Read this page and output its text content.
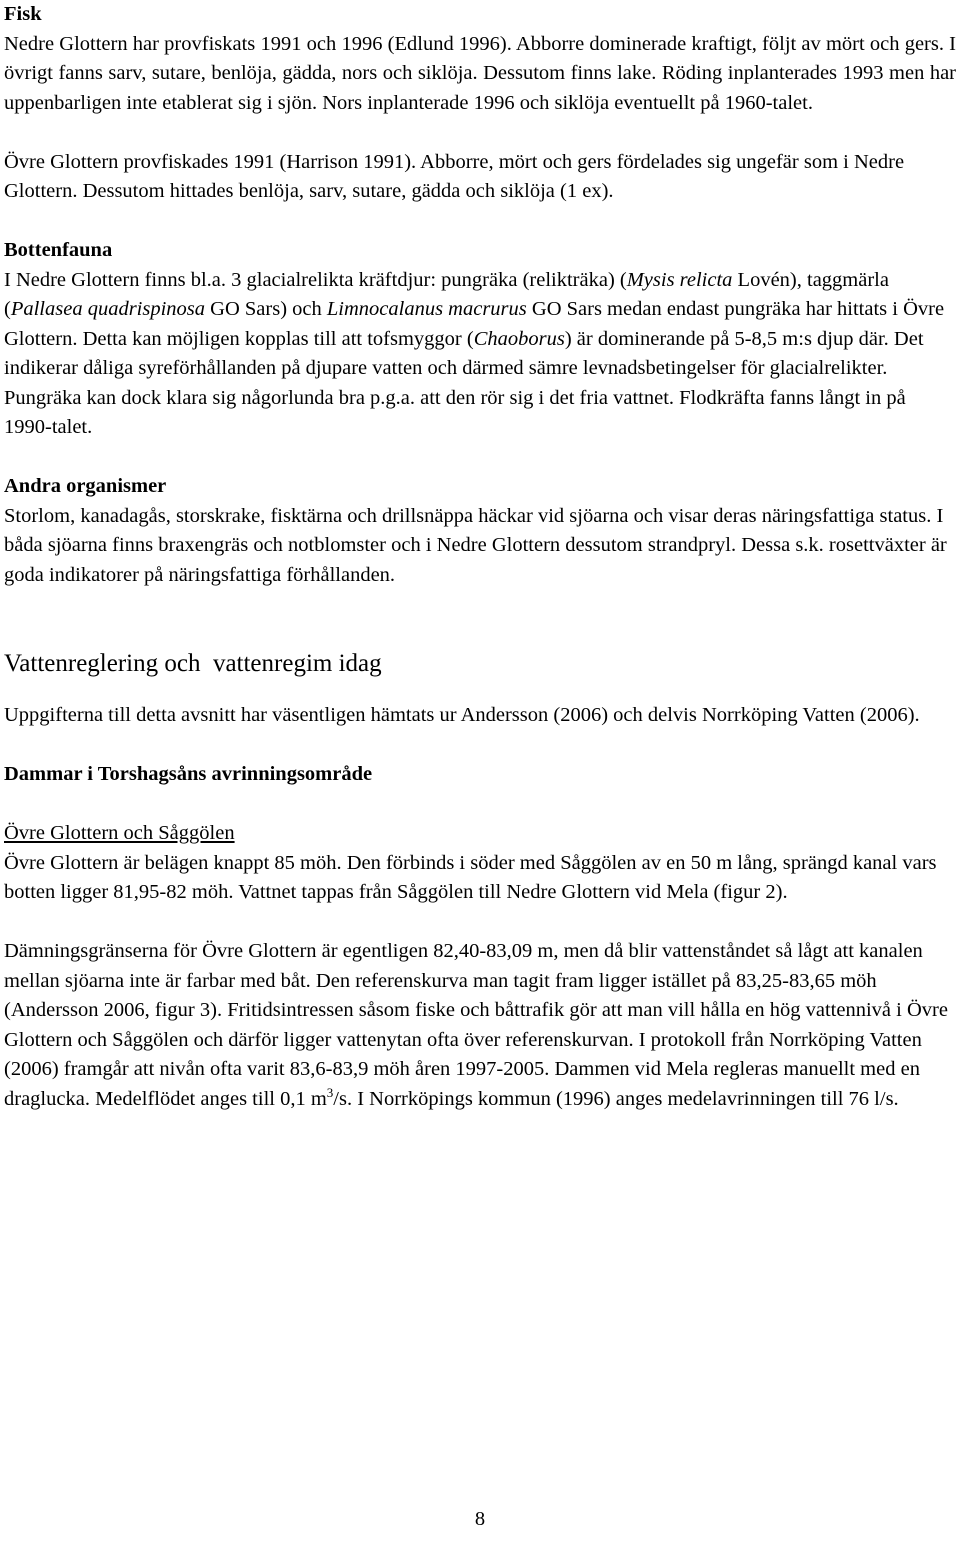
Fisk

Nedre Glottern har provfiskats 1991 och 1996 (Edlund 1996). Abborre dominerade kraftigt, följt av mört och gers. I övrigt fanns sarv, sutare, benlöja, gädda, nors och siklöja. Dessutom finns lake. Röding inplanterades 1993 men har uppenbarligen inte etablerat sig i sjön. Nors inplanterade 1996 och siklöja eventuellt på 1960-talet.

Övre Glottern provfiskades 1991 (Harrison 1991). Abborre, mört och gers fördelades sig ungefär som i Nedre Glottern. Dessutom hittades benlöja, sarv, sutare, gädda och siklöja (1 ex).

Bottenfauna

I Nedre Glottern finns bl.a. 3 glacialrelikta kräftdjur: pungräka (relikträka) (Mysis relicta Lovén), taggmärla (Pallasea quadrispinosa GO Sars) och Limnocalanus macrurus GO Sars medan endast pungräka har hittats i Övre Glottern. Detta kan möjligen kopplas till att tofsmyggor (Chaoborus) är dominerande på 5-8,5 m:s djup där. Det indikerar dåliga syreförhållanden på djupare vatten och därmed sämre levnadsbetingelser för glacialrelikter. Pungräka kan dock klara sig någorlunda bra p.g.a. att den rör sig i det fria vattnet. Flodkräfta fanns långt in på 1990-talet.

Andra organismer

Storlom, kanadagås, storskrake, fisktärna och drillsnäppa häckar vid sjöarna och visar deras näringsfattiga status. I båda sjöarna finns braxengräs och notblomster och i Nedre Glottern dessutom strandpryl. Dessa s.k. rosettväxter är goda indikatorer på näringsfattiga förhållanden.

Vattenreglering och  vattenregim idag

Uppgifterna till detta avsnitt har väsentligen hämtats ur Andersson (2006) och delvis Norrköping Vatten (2006).

Dammar i Torshagsåns avrinningsområde

Övre Glottern och Såggölen

Övre Glottern är belägen knappt 85 möh. Den förbinds i söder med Såggölen av en 50 m lång, sprängd kanal vars botten ligger 81,95-82 möh. Vattnet tappas från Såggölen till Nedre Glottern vid Mela (figur 2).

Dämningsgränserna för Övre Glottern är egentligen 82,40-83,09 m, men då blir vattenståndet så lågt att kanalen mellan sjöarna inte är farbar med båt. Den referenskurva man tagit fram ligger istället på 83,25-83,65 möh (Andersson 2006, figur 3). Fritidsintressen såsom fiske och båttrafik gör att man vill hålla en hög vattennivå i Övre Glottern och Såggölen och därför ligger vattenytan ofta över referenskurvan. I protokoll från Norrköping Vatten (2006) framgår att nivån ofta varit 83,6-83,9 möh åren 1997-2005. Dammen vid Mela regleras manuellt med en draglucka. Medelflödet anges till 0,1 $m^3/s$. I Norrköpings kommun (1996) anges medelavrinningen till 76 l/s.

8
